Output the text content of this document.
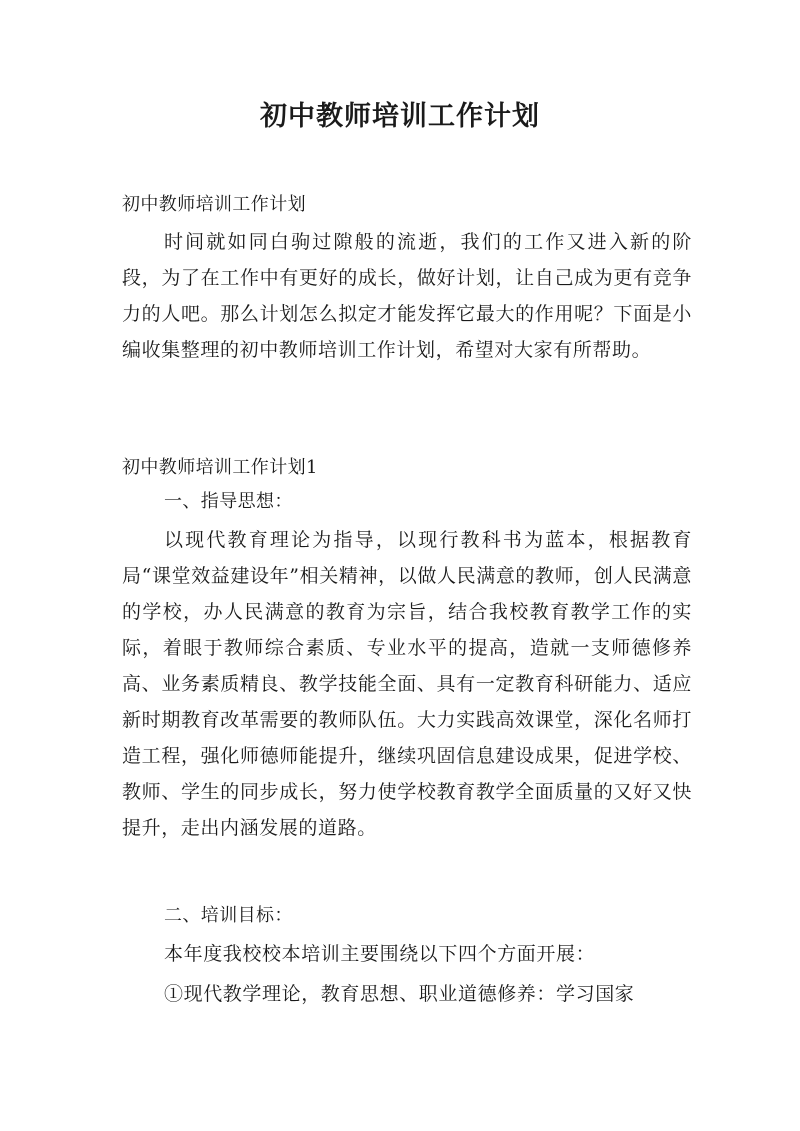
初中教师培训工作计划

初中教师培训工作计划

时间就如同白驹过隙般的流逝，我们的工作又进入新的阶段，为了在工作中有更好的成长，做好计划，让自己成为更有竞争力的人吧。那么计划怎么拟定才能发挥它最大的作用呢？下面是小编收集整理的初中教师培训工作计划，希望对大家有所帮助。

初中教师培训工作计划1

一、指导思想：

以现代教育理论为指导，以现行教科书为蓝本，根据教育局“课堂效益建设年”相关精神，以做人民满意的教师，创人民满意的学校，办人民满意的教育为宗旨，结合我校教育教学工作的实际，着眼于教师综合素质、专业水平的提高，造就一支师德修养高、业务素质精良、教学技能全面、具有一定教育科研能力、适应新时期教育改革需要的教师队伍。大力实践高效课堂，深化名师打造工程，强化师德师能提升，继续巩固信息建设成果，促进学校、教师、学生的同步成长，努力使学校教育教学全面质量的又好又快提升，走出内涵发展的道路。

二、培训目标：

本年度我校校本培训主要围绕以下四个方面开展：

①现代教学理论，教育思想、职业道德修养：学习国家
